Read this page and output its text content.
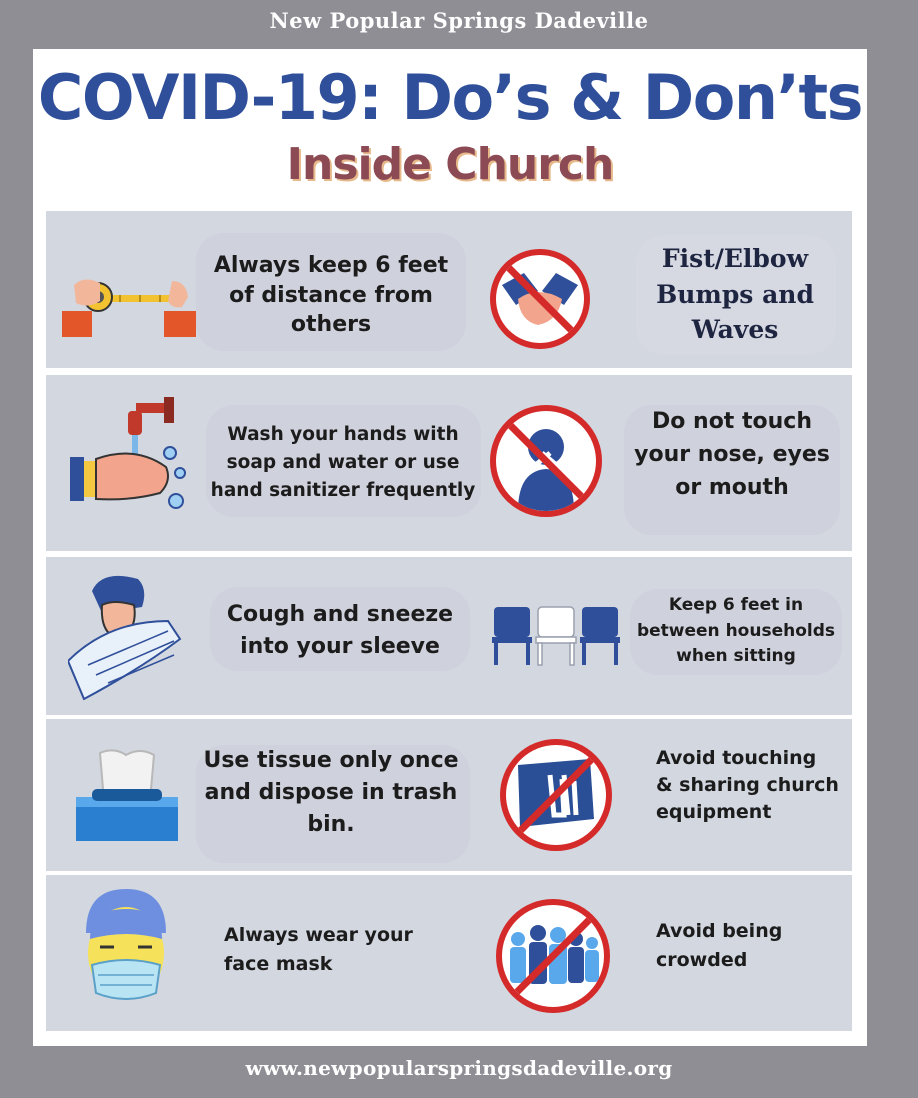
New Popular Springs Dadeville
COVID-19: Do’s & Don’ts
Inside Church
Always keep 6 feet
of distance from
others
Fist/Elbow
Bumps and
Waves
Wash your hands with
soap and water or use
hand sanitizer frequently
Do not touch
your nose, eyes
or mouth
Cough and sneeze
into your sleeve
Keep 6 feet in
between households
when sitting
Use tissue only once
and dispose in trash
bin.
Avoid touching
& sharing church
equipment
Always wear your
face mask
Avoid being
crowded
www.newpopularspringsdadeville.org
